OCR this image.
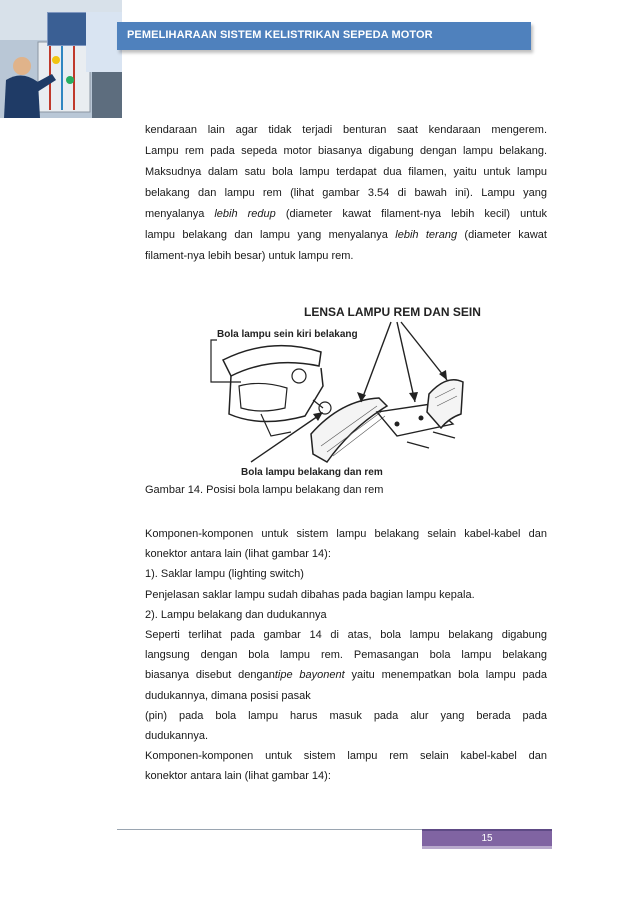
PEMELIHARAAN SISTEM KELISTRIKAN SEPEDA MOTOR

kendaraan lain agar tidak terjadi benturan saat kendaraan mengerem.

Lampu rem pada sepeda motor biasanya digabung dengan lampu belakang.

Maksudnya dalam satu bola lampu terdapat dua filamen, yaitu untuk lampu

belakang dan lampu rem (lihat gambar 3.54 di bawah ini). Lampu yang

menyalanya lebih redup (diameter kawat filament-nya lebih kecil) untuk

lampu belakang dan lampu yang menyalanya lebih terang (diameter kawat

filament-nya lebih besar) untuk lampu rem.

LENSA LAMPU REM DAN SEIN
Bola lampu sein kiri belakang
Bola lampu belakang dan rem
Gambar 14. Posisi bola lampu belakang dan rem

Komponen-komponen untuk sistem lampu belakang selain kabel-kabel dan

konektor antara lain (lihat gambar 14):

1). Saklar lampu (lighting switch)

Penjelasan saklar lampu sudah dibahas pada bagian lampu kepala.

2). Lampu belakang dan dudukannya

Seperti terlihat pada gambar 14 di atas, bola lampu belakang digabung

langsung dengan bola lampu rem. Pemasangan bola lampu belakang

biasanya disebut dengantipe bayonent yaitu menempatkan bola lampu pada

dudukannya, dimana posisi pasak

(pin) pada bola lampu harus masuk pada alur yang berada pada

dudukannya.

Komponen-komponen untuk sistem lampu rem selain kabel-kabel dan

konektor antara lain (lihat gambar 14):

15
